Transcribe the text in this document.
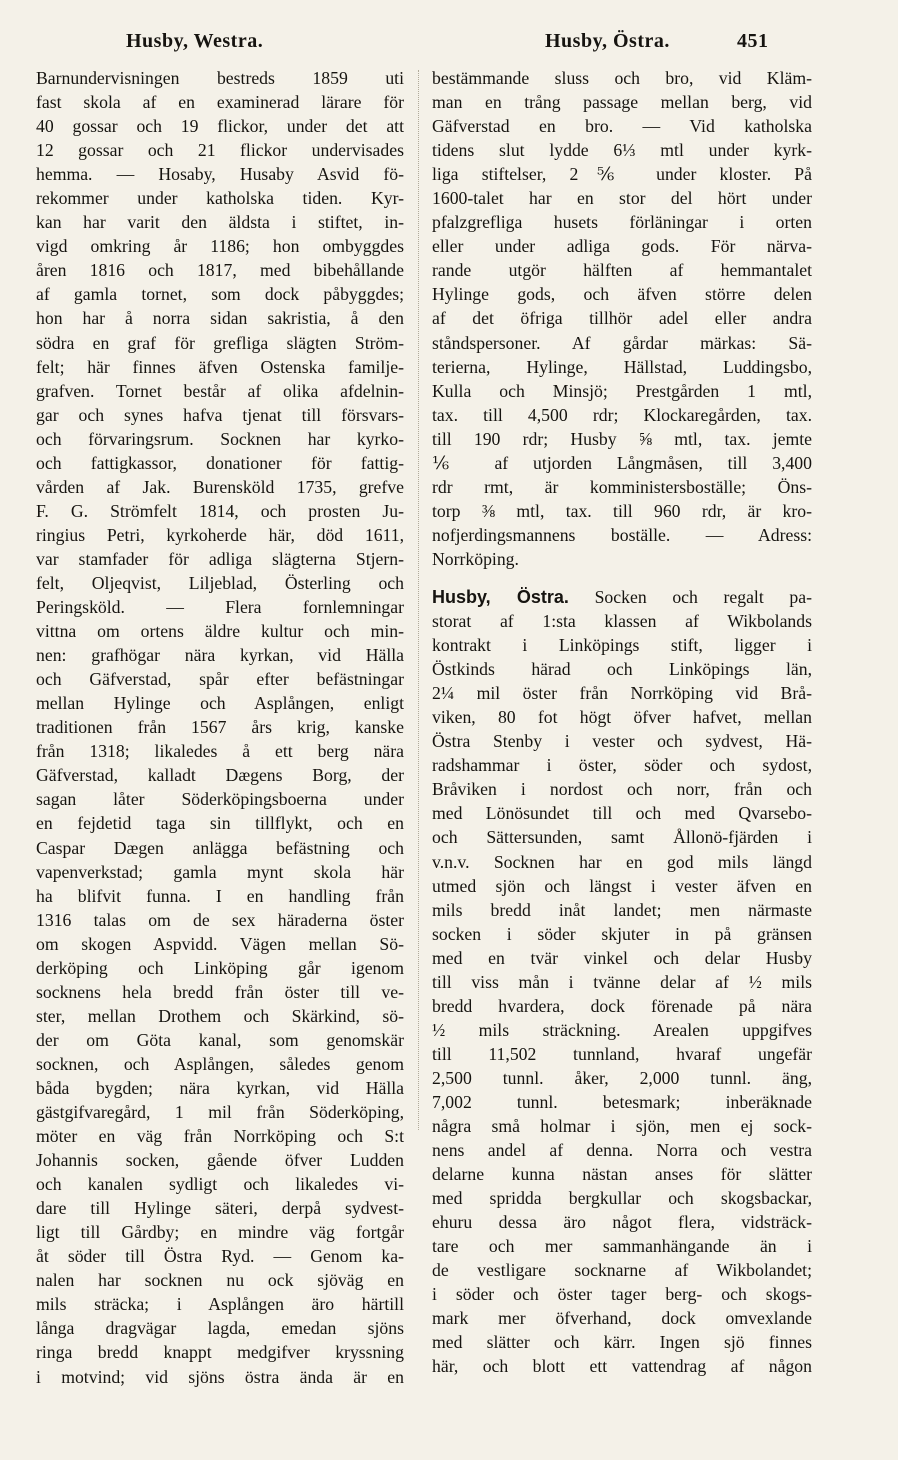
Husby, Westra.	Husby, Östra.	451
Barnundervisningen bestreds 1859 uti
fast skola af en examinerad lärare för
40 gossar och 19 flickor, under det att
12 gossar och 21 flickor undervisades
hemma. — Hosaby, Husaby Asvid fö-
rekommer under katholska tiden. Kyr-
kan har varit den äldsta i stiftet, in-
vigd omkring år 1186; hon ombyggdes
åren 1816 och 1817, med bibehållande
af gamla tornet, som dock påbyggdes;
hon har å norra sidan sakristia, å den
södra en graf för grefliga slägten Ström-
felt; här finnes äfven Ostenska familje-
grafven. Tornet består af olika afdelnin-
gar och synes hafva tjenat till försvars-
och förvaringsrum. Socknen har kyrko-
och fattigkassor, donationer för fattig-
vården af Jak. Burensköld 1735, grefve
F. G. Strömfelt 1814, och prosten Ju-
ringius Petri, kyrkoherde här, död 1611,
var stamfader för adliga slägterna Stjern-
felt, Oljeqvist, Liljeblad, Österling och
Peringsköld. — Flera fornlemningar
vittna om ortens äldre kultur och min-
nen: grafhögar nära kyrkan, vid Hälla
och Gäfverstad, spår efter befästningar
mellan Hylinge och Asplången, enligt
traditionen från 1567 års krig, kanske
från 1318; likaledes å ett berg nära
Gäfverstad, kalladt Dægens Borg, der
sagan låter Söderköpingsboerna under
en fejdetid taga sin tillflykt, och en
Caspar Dægen anlägga befästning och
vapenverkstad; gamla mynt skola här
ha blifvit funna. I en handling från
1316 talas om de sex häraderna öster
om skogen Aspvidd. Vägen mellan Sö-
derköping och Linköping går igenom
socknens hela bredd från öster till ve-
ster, mellan Drothem och Skärkind, sö-
der om Göta kanal, som genomskär
socknen, och Asplången, således genom
båda bygden; nära kyrkan, vid Hälla
gästgifvaregård, 1 mil från Söderköping,
möter en väg från Norrköping och S:t
Johannis socken, gående öfver Ludden
och kanalen sydligt och likaledes vi-
dare till Hylinge säteri, derpå sydvest-
ligt till Gårdby; en mindre väg fortgår
åt söder till Östra Ryd. — Genom ka-
nalen har socknen nu ock sjöväg en
mils sträcka; i Asplången äro härtill
långa dragvägar lagda, emedan sjöns
ringa bredd knappt medgifver kryssning
i motvind; vid sjöns östra ända är en
bestämmande sluss och bro, vid Kläm-
man en trång passage mellan berg, vid
Gäfverstad en bro. — Vid katholska
tidens slut lydde 6⅓ mtl under kyrk-
liga stiftelser, 2⅚ under kloster. På
1600-talet har en stor del hört under
pfalzgrefliga husets förläningar i orten
eller under adliga gods. För närva-
rande utgör hälften af hemmantalet
Hylinge gods, och äfven större delen
af det öfriga tillhör adel eller andra
ståndspersoner. Af gårdar märkas: Sä-
terierna, Hylinge, Hällstad, Luddingsbo,
Kulla och Minsjö; Prestgården 1 mtl,
tax. till 4,500 rdr; Klockaregården, tax.
till 190 rdr; Husby ⅝ mtl, tax. jemte
⅙ af utjorden Långmåsen, till 3,400
rdr rmt, är komministersboställe; Öns-
torp ⅜ mtl, tax. till 960 rdr, är kro-
nofjerdingsmannens boställe. — Adress:
Norrköping.
Husby, Östra. Socken och regalt pa-
storat af 1:sta klassen af Wikbolands
kontrakt i Linköpings stift, ligger i
Östkinds härad och Linköpings län,
2¼ mil öster från Norrköping vid Brå-
viken, 80 fot högt öfver hafvet, mellan
Östra Stenby i vester och sydvest, Hä-
radshammar i öster, söder och sydost,
Bråviken i nordost och norr, från och
med Lönösundet till och med Qvarsebo-
och Sättersunden, samt Ållonö-fjärden i
v.n.v. Socknen har en god mils längd
utmed sjön och längst i vester äfven en
mils bredd inåt landet; men närmaste
socken i söder skjuter in på gränsen
med en tvär vinkel och delar Husby
till viss mån i tvänne delar af ½ mils
bredd hvardera, dock förenade på nära
½ mils sträckning. Arealen uppgifves
till 11,502 tunnland, hvaraf ungefär
2,500 tunnl. åker, 2,000 tunnl. äng,
7,002 tunnl. betesmark; inberäknade
några små holmar i sjön, men ej sock-
nens andel af denna. Norra och vestra
delarne kunna nästan anses för slätter
med spridda bergkullar och skogsbackar,
ehuru dessa äro något flera, vidsträck-
tare och mer sammanhängande än i
de vestligare socknarne af Wikbolandet;
i söder och öster tager berg- och skogs-
mark mer öfverhand, dock omvexlande
med slätter och kärr. Ingen sjö finnes
här, och blott ett vattendrag af någon
